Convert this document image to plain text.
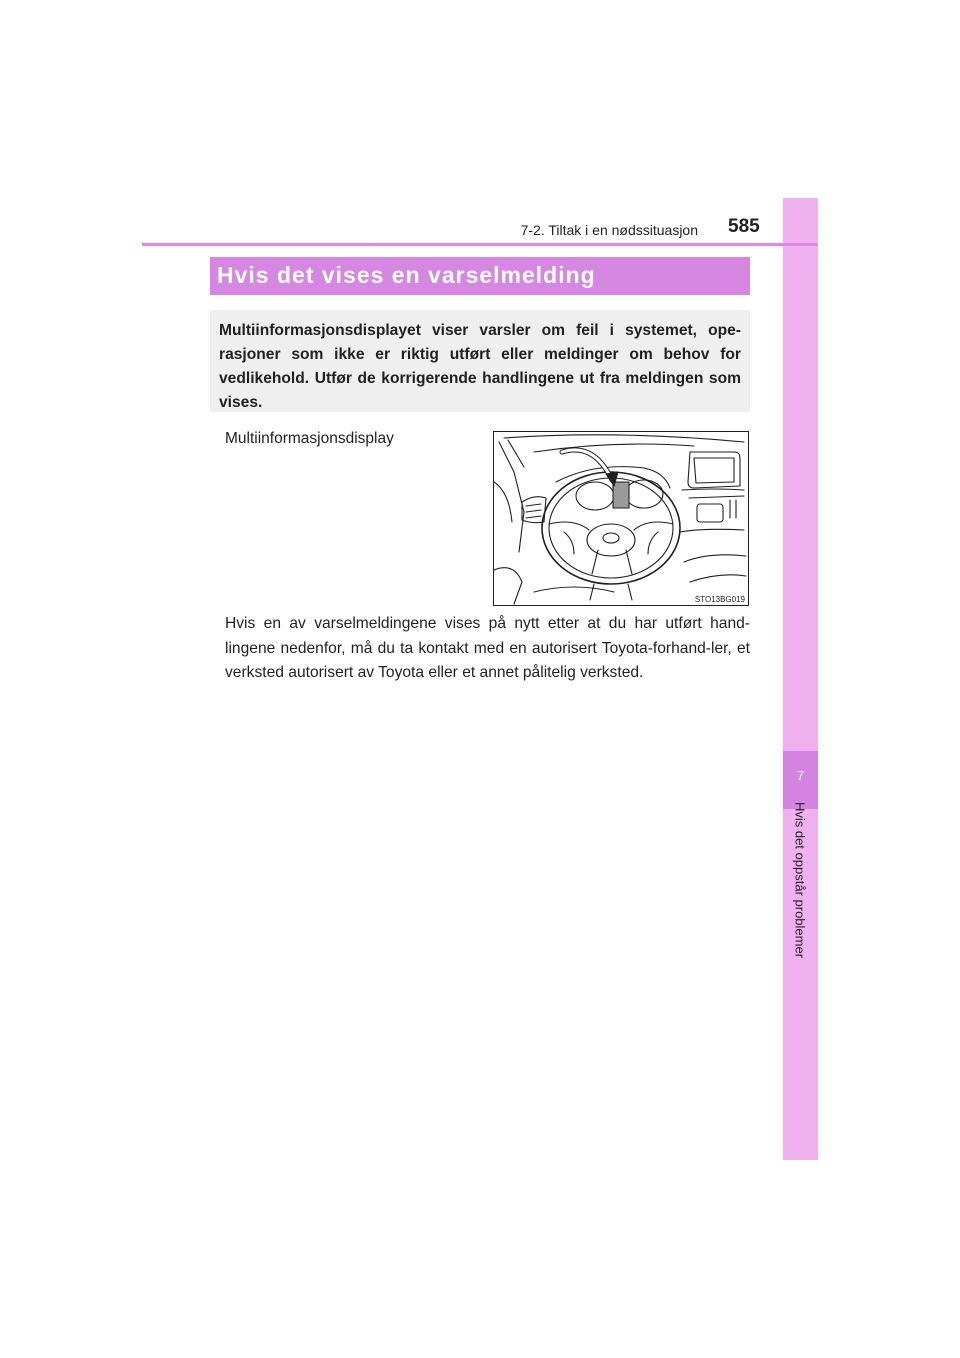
7
Hvis det oppstår problemer
7-2. Tiltak i en nødssituasjon 585
Hvis det vises en varselmelding

Multiinformasjonsdisplayet viser varsler om feil i systemet, ope-rasjoner som ikke er riktig utført eller meldinger om behov for vedlikehold. Utfør de korrigerende handlingene ut fra meldingen som vises.

Multiinformasjonsdisplay
STO13BG019

Hvis en av varselmeldingene vises på nytt etter at du har utført hand-lingene nedenfor, må du ta kontakt med en autorisert Toyota-forhand-ler, et verksted autorisert av Toyota eller et annet pålitelig verksted.
